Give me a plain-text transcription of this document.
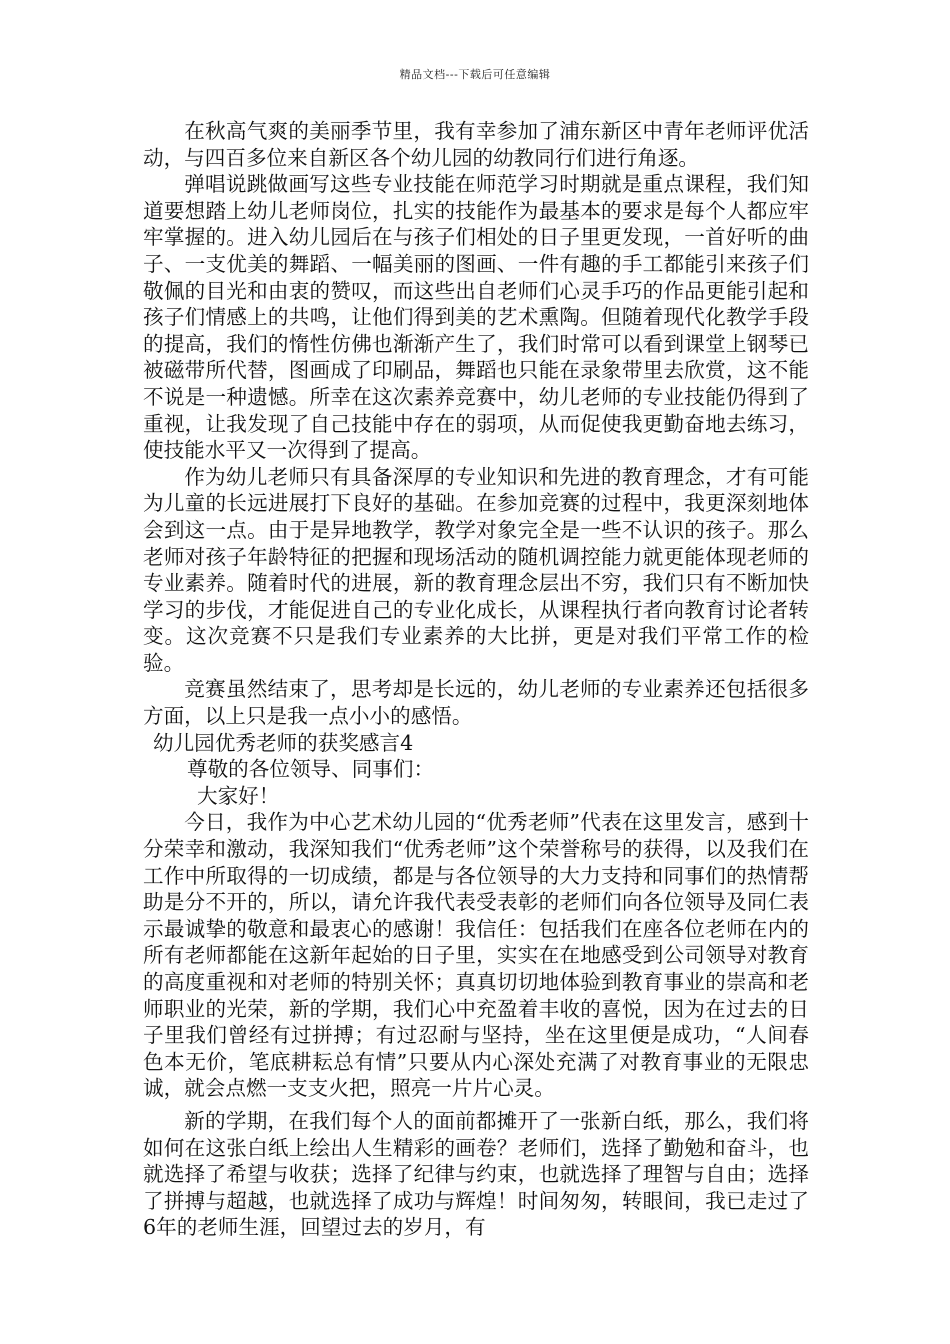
精品文档---下载后可任意编辑

在秋高气爽的美丽季节里，我有幸参加了浦东新区中青年老师评优活动，与四百多位来自新区各个幼儿园的幼教同行们进行角逐。

弹唱说跳做画写这些专业技能在师范学习时期就是重点课程，我们知道要想踏上幼儿老师岗位，扎实的技能作为最基本的要求是每个人都应牢牢掌握的。进入幼儿园后在与孩子们相处的日子里更发现，一首好听的曲子、一支优美的舞蹈、一幅美丽的图画、一件有趣的手工都能引来孩子们敬佩的目光和由衷的赞叹，而这些出自老师们心灵手巧的作品更能引起和孩子们情感上的共鸣，让他们得到美的艺术熏陶。但随着现代化教学手段的提高，我们的惰性仿佛也渐渐产生了，我们时常可以看到课堂上钢琴已被磁带所代替，图画成了印刷品，舞蹈也只能在录象带里去欣赏，这不能不说是一种遗憾。所幸在这次素养竞赛中，幼儿老师的专业技能仍得到了重视，让我发现了自己技能中存在的弱项，从而促使我更勤奋地去练习，使技能水平又一次得到了提高。

作为幼儿老师只有具备深厚的专业知识和先进的教育理念，才有可能为儿童的长远进展打下良好的基础。在参加竞赛的过程中，我更深刻地体会到这一点。由于是异地教学，教学对象完全是一些不认识的孩子。那么老师对孩子年龄特征的把握和现场活动的随机调控能力就更能体现老师的专业素养。随着时代的进展，新的教育理念层出不穷，我们只有不断加快学习的步伐，才能促进自己的专业化成长，从课程执行者向教育讨论者转变。这次竞赛不只是我们专业素养的大比拼，更是对我们平常工作的检验。

竞赛虽然结束了，思考却是长远的，幼儿老师的专业素养还包括很多方面，以上只是我一点小小的感悟。

幼儿园优秀老师的获奖感言4

尊敬的各位领导、同事们：

大家好！

今日，我作为中心艺术幼儿园的“优秀老师”代表在这里发言，感到十分荣幸和激动，我深知我们“优秀老师”这个荣誉称号的获得，以及我们在工作中所取得的一切成绩，都是与各位领导的大力支持和同事们的热情帮助是分不开的，所以，请允许我代表受表彰的老师们向各位领导及同仁表示最诚挚的敬意和最衷心的感谢！我信任：包括我们在座各位老师在内的所有老师都能在这新年起始的日子里，实实在在地感受到公司领导对教育的高度重视和对老师的特别关怀；真真切切地体验到教育事业的崇高和老师职业的光荣，新的学期，我们心中充盈着丰收的喜悦，因为在过去的日子里我们曾经有过拼搏；有过忍耐与坚持，坐在这里便是成功，“人间春色本无价，笔底耕耘总有情”只要从内心深处充满了对教育事业的无限忠诚，就会点燃一支支火把，照亮一片片心灵。

新的学期，在我们每个人的面前都摊开了一张新白纸，那么，我们将如何在这张白纸上绘出人生精彩的画卷？老师们，选择了勤勉和奋斗，也就选择了希望与收获；选择了纪律与约束，也就选择了理智与自由；选择了拼搏与超越，也就选择了成功与辉煌！时间匆匆，转眼间，我已走过了6年的老师生涯，回望过去的岁月，有
